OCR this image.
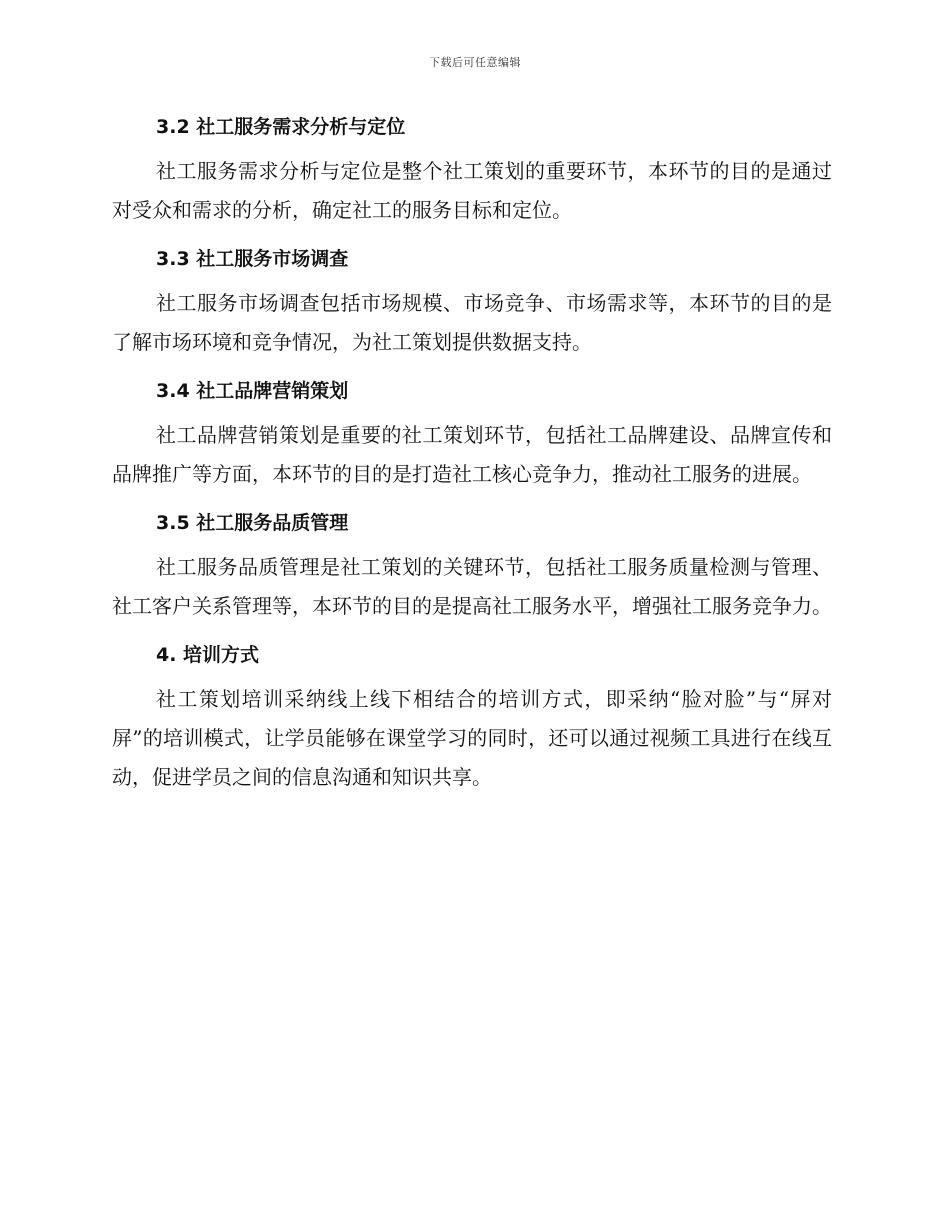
下载后可任意编辑
3.2 社工服务需求分析与定位

社工服务需求分析与定位是整个社工策划的重要环节，本环节的目的是通过对受众和需求的分析，确定社工的服务目标和定位。

3.3 社工服务市场调查

社工服务市场调查包括市场规模、市场竞争、市场需求等，本环节的目的是了解市场环境和竞争情况，为社工策划提供数据支持。

3.4 社工品牌营销策划

社工品牌营销策划是重要的社工策划环节，包括社工品牌建设、品牌宣传和品牌推广等方面，本环节的目的是打造社工核心竞争力，推动社工服务的进展。

3.5 社工服务品质管理

社工服务品质管理是社工策划的关键环节，包括社工服务质量检测与管理、社工客户关系管理等，本环节的目的是提高社工服务水平，增强社工服务竞争力。

4. 培训方式

社工策划培训采纳线上线下相结合的培训方式，即采纳“脸对脸”与“屏对屏”的培训模式，让学员能够在课堂学习的同时，还可以通过视频工具进行在线互动，促进学员之间的信息沟通和知识共享。
